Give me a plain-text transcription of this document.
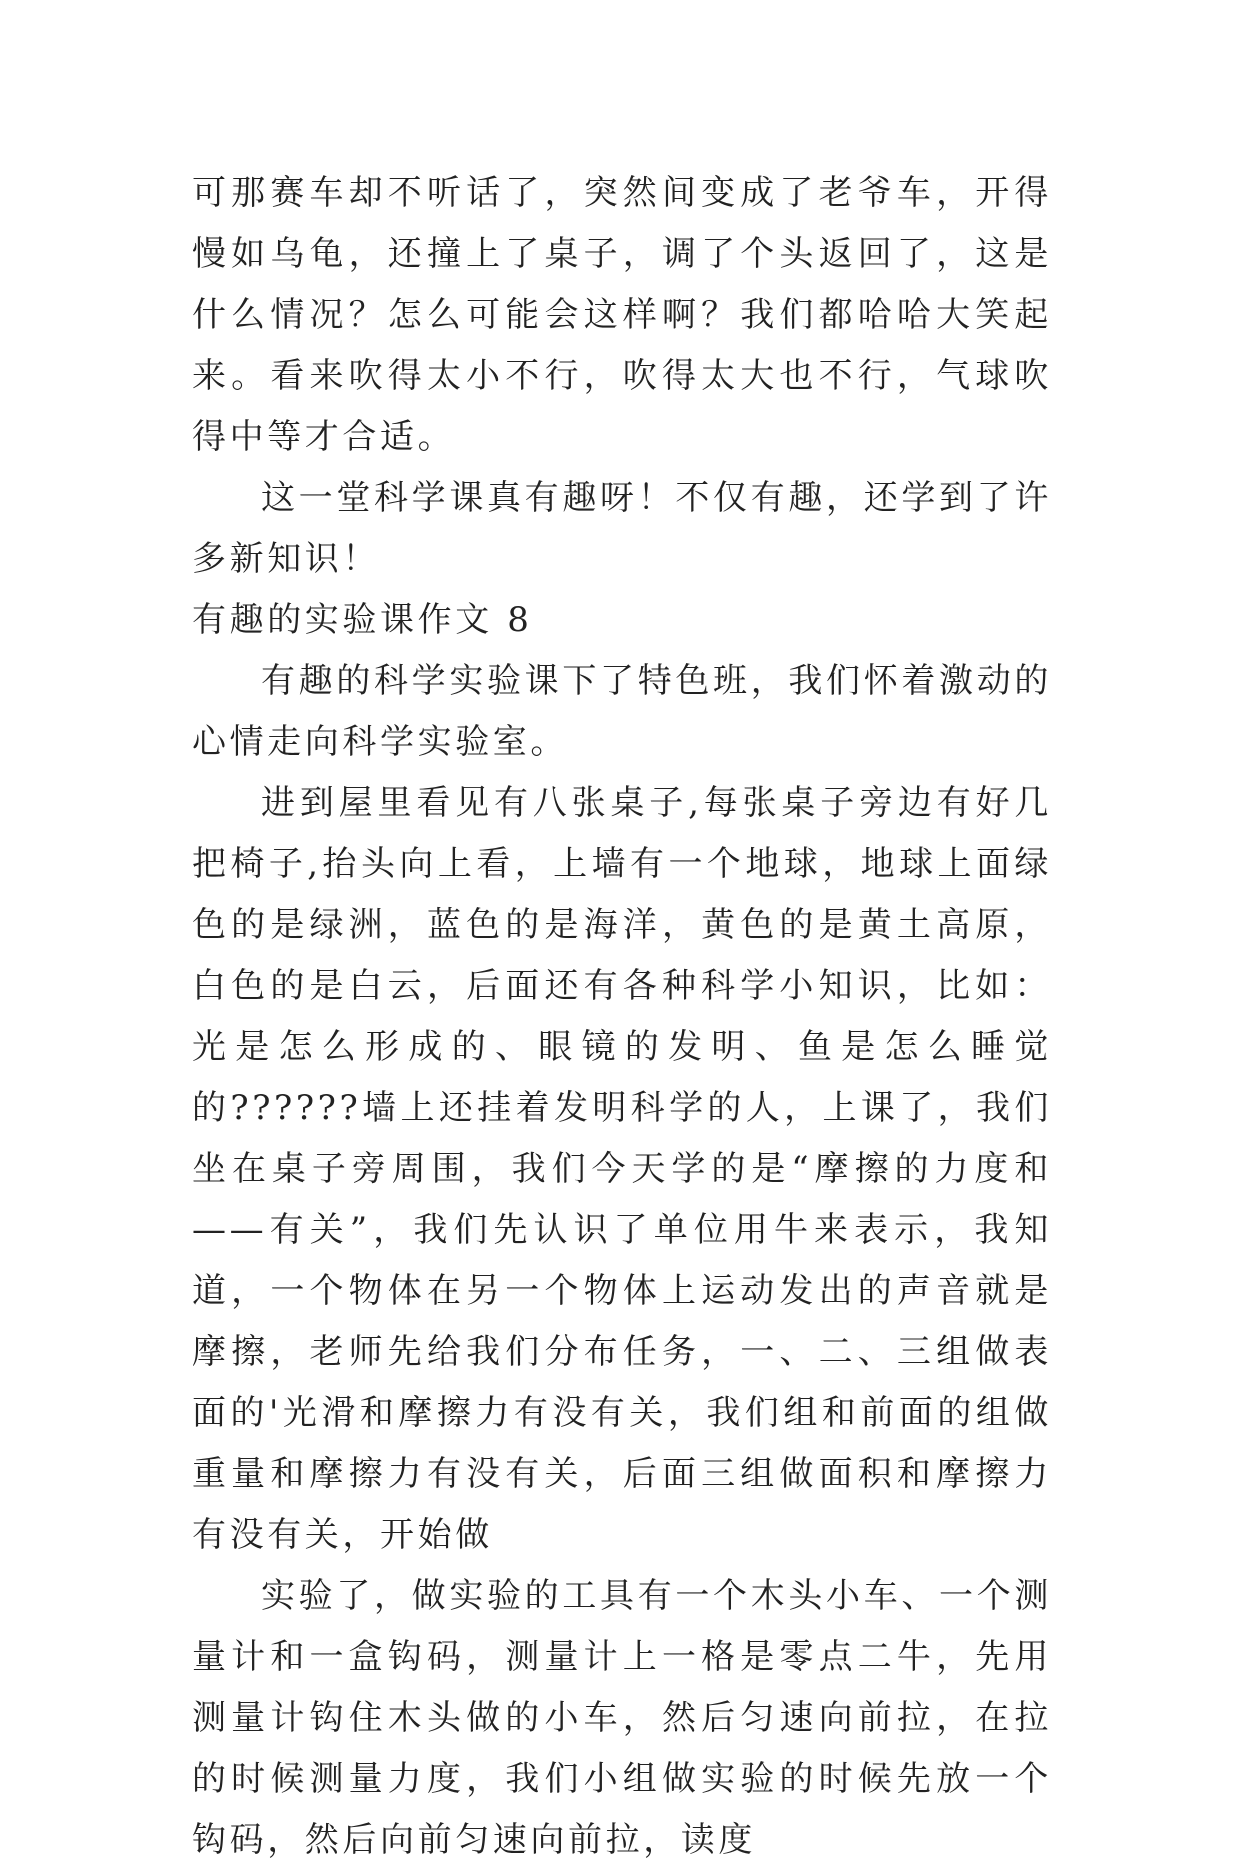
可那赛车却不听话了，突然间变成了老爷车，开得慢如乌龟，还撞上了桌子，调了个头返回了，这是什么情况？怎么可能会这样啊？我们都哈哈大笑起来。看来吹得太小不行，吹得太大也不行，气球吹得中等才合适。

这一堂科学课真有趣呀！不仅有趣，还学到了许多新知识！

有趣的实验课作文 8

有趣的科学实验课下了特色班，我们怀着激动的心情走向科学实验室。

进到屋里看见有八张桌子,每张桌子旁边有好几把椅子,抬头向上看，上墙有一个地球，地球上面绿色的是绿洲，蓝色的是海洋，黄色的是黄土高原，白色的是白云，后面还有各种科学小知识，比如：光是怎么形成的、眼镜的发明、鱼是怎么睡觉的??????墙上还挂着发明科学的人，上课了，我们坐在桌子旁周围，我们今天学的是“摩擦的力度和——有关”，我们先认识了单位用牛来表示，我知道，一个物体在另一个物体上运动发出的声音就是摩擦，老师先给我们分布任务，一、二、三组做表面的'光滑和摩擦力有没有关，我们组和前面的组做重量和摩擦力有没有关，后面三组做面积和摩擦力有没有关，开始做

实验了，做实验的工具有一个木头小车、一个测量计和一盒钩码，测量计上一格是零点二牛，先用测量计钩住木头做的小车，然后匀速向前拉，在拉的时候测量力度，我们小组做实验的时候先放一个钩码，然后向前匀速向前拉，读度
